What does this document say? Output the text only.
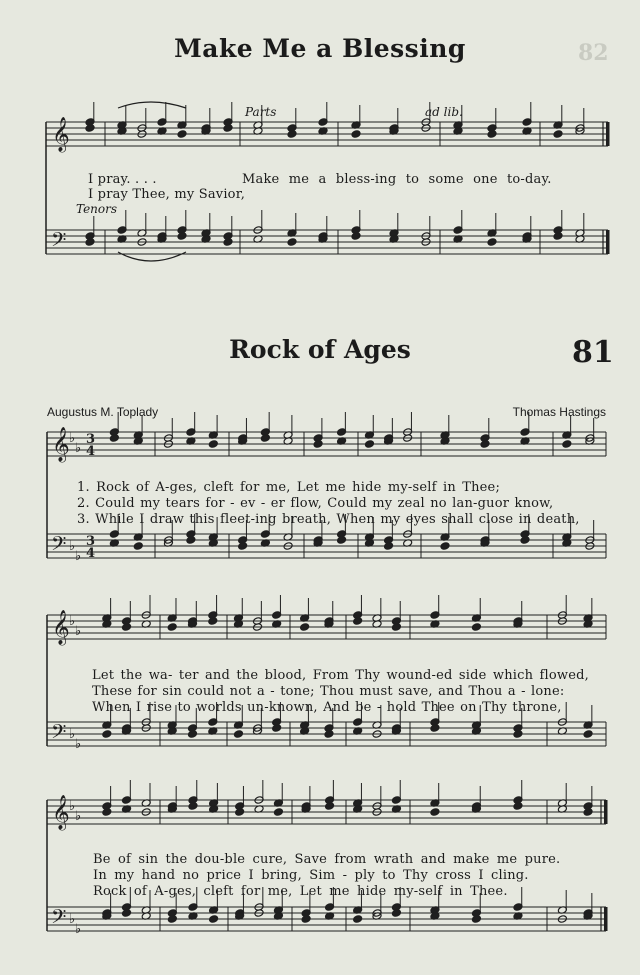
Make Me a Blessing	82
𝄞
𝄢
𝄞
𝄢
♭
♭
♭
♭
3
4
3
4
𝄞
𝄢
♭
♭
♭
♭
𝄞
𝄢
♭
♭
♭
♭
Parts	ad lib.
Tenors
I pray. . . .	Make me a bless-ing to some one to-day.
I pray Thee, my Savior,
Rock of Ages	81
Augustus M. Toplady	Thomas Hastings
1. Rock of A-ges, cleft for me, Let me hide my-self in Thee;
2. Could my tears for - ev - er flow, Could my zeal no lan-guor know,
3. While I draw this fleet-ing breath, When my eyes shall close in death,
Let the wa- ter and the blood, From Thy wound-ed side which flowed,
These for sin could not a - tone; Thou must save, and Thou a - lone:
When I rise to worlds un-known, And be - hold Thee on Thy throne,
Be of sin the dou-ble cure, Save from wrath and make me pure.
In my hand no price I bring, Sim - ply to Thy cross I cling.
Rock of A-ges, cleft for me, Let me hide my-self in Thee.
